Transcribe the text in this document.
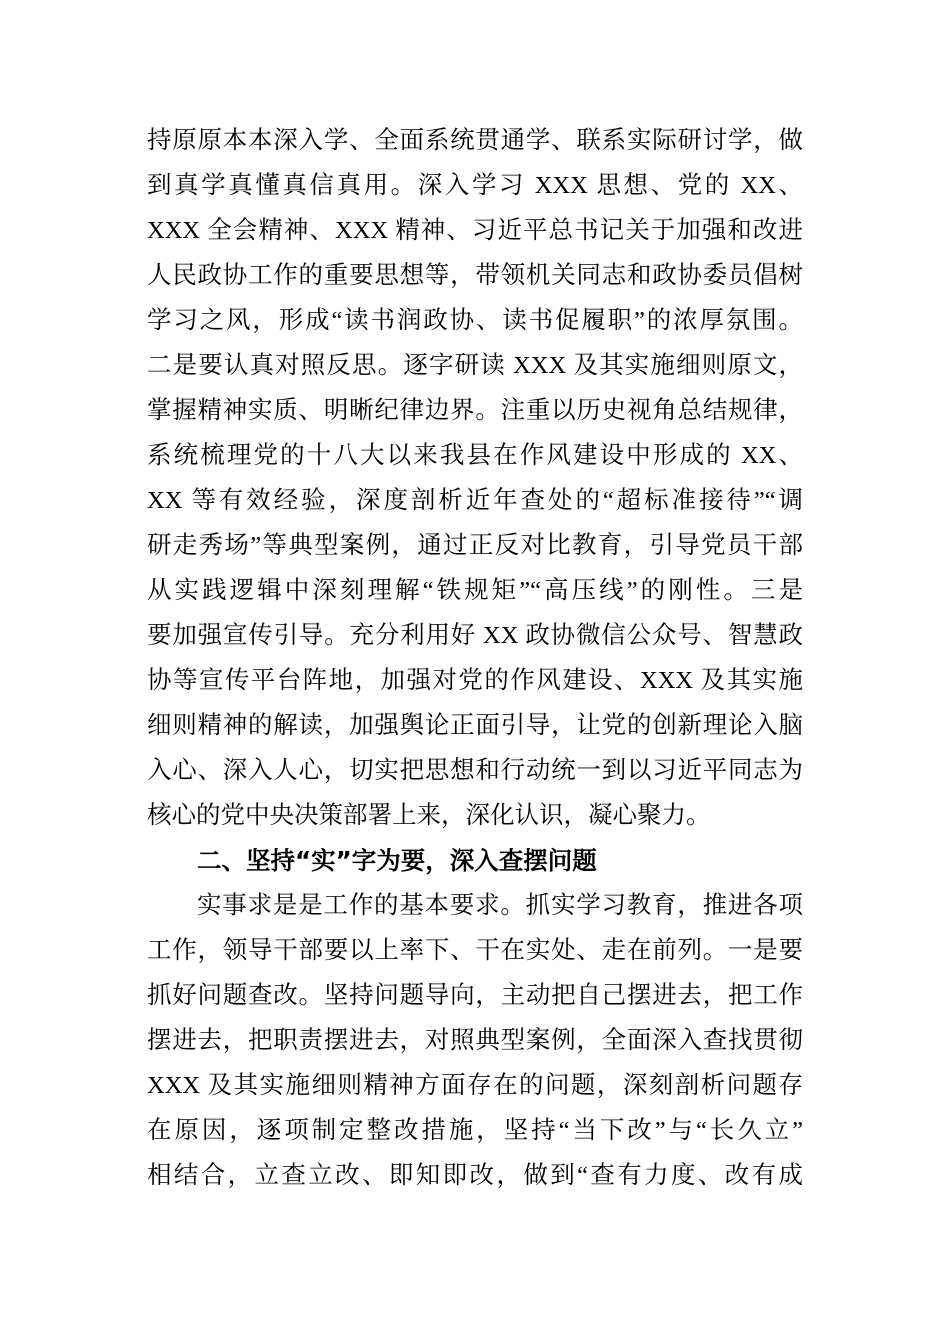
持原原本本深入学、全面系统贯通学、联系实际研讨学，做
到真学真懂真信真用。深入学习 XXX 思想、党的 XX、
XXX 全会精神、XXX 精神、习近平总书记关于加强和改进
人民政协工作的重要思想等，带领机关同志和政协委员倡树
学习之风，形成“读书润政协、读书促履职”的浓厚氛围。
二是要认真对照反思。逐字研读 XXX 及其实施细则原文，
掌握精神实质、明晰纪律边界。注重以历史视角总结规律，
系统梳理党的十八大以来我县在作风建设中形成的 XX、
XX 等有效经验，深度剖析近年查处的“超标准接待”“调
研走秀场”等典型案例，通过正反对比教育，引导党员干部
从实践逻辑中深刻理解“铁规矩”“高压线”的刚性。三是
要加强宣传引导。充分利用好 XX 政协微信公众号、智慧政
协等宣传平台阵地，加强对党的作风建设、XXX 及其实施
细则精神的解读，加强舆论正面引导，让党的创新理论入脑
入心、深入人心，切实把思想和行动统一到以习近平同志为
核心的党中央决策部署上来，深化认识，凝心聚力。
二、坚持“实”字为要，深入查摆问题
实事求是是工作的基本要求。抓实学习教育，推进各项
工作，领导干部要以上率下、干在实处、走在前列。一是要
抓好问题查改。坚持问题导向，主动把自己摆进去，把工作
摆进去，把职责摆进去，对照典型案例，全面深入查找贯彻
XXX 及其实施细则精神方面存在的问题，深刻剖析问题存
在原因，逐项制定整改措施，坚持“当下改”与“长久立”
相结合，立查立改、即知即改，做到“查有力度、改有成
